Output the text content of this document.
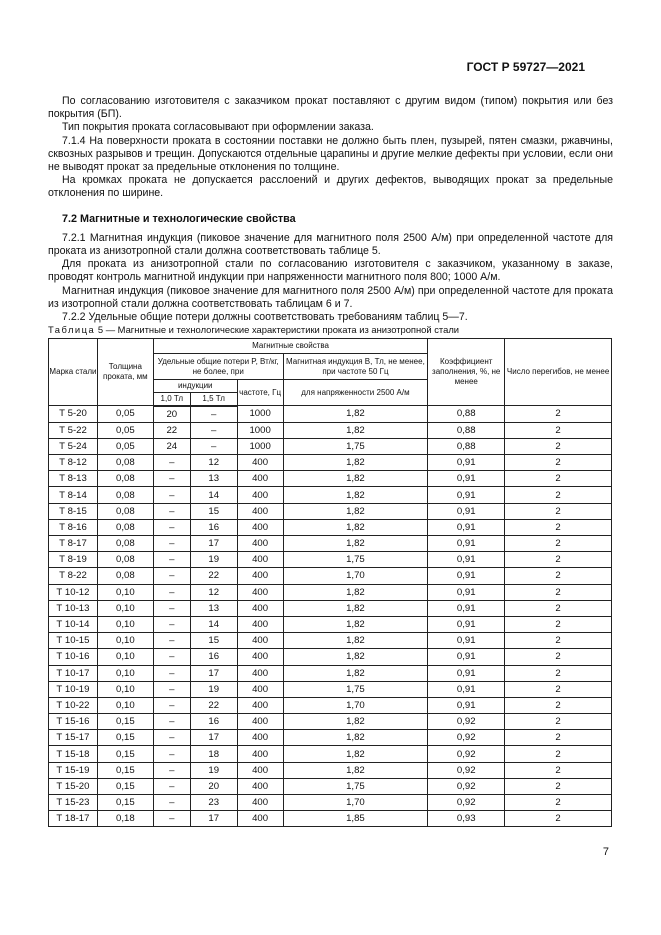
ГОСТ Р 59727—2021

По согласованию изготовителя с заказчиком прокат поставляют с другим видом (типом) покрытия или без покрытия (БП).

Тип покрытия проката согласовывают при оформлении заказа.

7.1.4 На поверхности проката в состоянии поставки не должно быть плен, пузырей, пятен смазки, ржавчины, сквозных разрывов и трещин. Допускаются отдельные царапины и другие мелкие дефекты при условии, если они не выводят прокат за предельные отклонения по толщине.

На кромках проката не допускается расслоений и других дефектов, выводящих прокат за предельные отклонения по ширине.

7.2 Магнитные и технологические свойства

7.2.1 Магнитная индукция (пиковое значение для магнитного поля 2500 А/м) при определенной частоте для проката из анизотропной стали должна соответствовать таблице 5.

Для проката из анизотропной стали по согласованию изготовителя с заказчиком, указанному в заказе, проводят контроль магнитной индукции при напряженности магнитного поля 800; 1000 А/м.

Магнитная индукция (пиковое значение для магнитного поля 2500 А/м) при определенной частоте для проката из изотропной стали должна соответствовать таблицам 6 и 7.

7.2.2 Удельные общие потери должны соответствовать требованиям таблиц 5—7.

Таблица 5 — Магнитные и технологические характеристики проката из анизотропной стали
Марка стали	Толщина проката, мм	Магнитные свойства				Коэффициент заполнения, %, не менее	Число перегибов, не менее
		Удельные общие потери P, Вт/кг, не более, при			Магнитная индукция B, Тл, не менее, при частоте 50 Гц		
		индукции		частоте, Гц	для напряженности 2500 А/м		
		1,0 Тл	1,5 Тл				
Т 5-20	0,05	20	–	1000	1,82	0,88	2
Т 5-22	0,05	22	–	1000	1,82	0,88	2
Т 5-24	0,05	24	–	1000	1,75	0,88	2
Т 8-12	0,08	–	12	400	1,82	0,91	2
Т 8-13	0,08	–	13	400	1,82	0,91	2
Т 8-14	0,08	–	14	400	1,82	0,91	2
Т 8-15	0,08	–	15	400	1,82	0,91	2
Т 8-16	0,08	–	16	400	1,82	0,91	2
Т 8-17	0,08	–	17	400	1,82	0,91	2
Т 8-19	0,08	–	19	400	1,75	0,91	2
Т 8-22	0,08	–	22	400	1,70	0,91	2
Т 10-12	0,10	–	12	400	1,82	0,91	2
Т 10-13	0,10	–	13	400	1,82	0,91	2
Т 10-14	0,10	–	14	400	1,82	0,91	2
Т 10-15	0,10	–	15	400	1,82	0,91	2
Т 10-16	0,10	–	16	400	1,82	0,91	2
Т 10-17	0,10	–	17	400	1,82	0,91	2
Т 10-19	0,10	–	19	400	1,75	0,91	2
Т 10-22	0,10	–	22	400	1,70	0,91	2
Т 15-16	0,15	–	16	400	1,82	0,92	2
Т 15-17	0,15	–	17	400	1,82	0,92	2
Т 15-18	0,15	–	18	400	1,82	0,92	2
Т 15-19	0,15	–	19	400	1,82	0,92	2
Т 15-20	0,15	–	20	400	1,75	0,92	2
Т 15-23	0,15	–	23	400	1,70	0,92	2
Т 18-17	0,18	–	17	400	1,85	0,93	2
7
